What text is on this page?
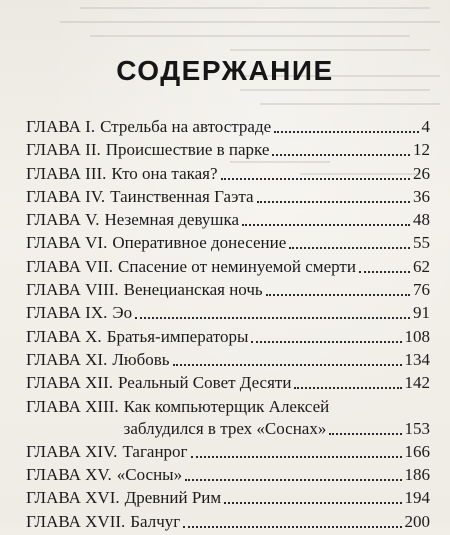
СОДЕРЖАНИЕ
ГЛАВА I. Стрельба на автостраде	4
ГЛАВА II. Происшествие в парке	12
ГЛАВА III. Кто она такая?	26
ГЛАВА IV. Таинственная Гаэта	36
ГЛАВА V. Неземная девушка	48
ГЛАВА VI. Оперативное донесение	55
ГЛАВА VII. Спасение от неминуемой смерти	62
ГЛАВА VIII. Венецианская ночь	76
ГЛАВА IX. Эо	91
ГЛАВА X. Братья-императоры	108
ГЛАВА XI. Любовь	134
ГЛАВА XII. Реальный Совет Десяти	142
ГЛАВА XIII. Как компьютерщик Алексей
заблудился в трех «Соснах»	153
ГЛАВА XIV. Таганрог	166
ГЛАВА XV. «Сосны»	186
ГЛАВА XVI. Древний Рим	194
ГЛАВА XVII. Балчуг	200
